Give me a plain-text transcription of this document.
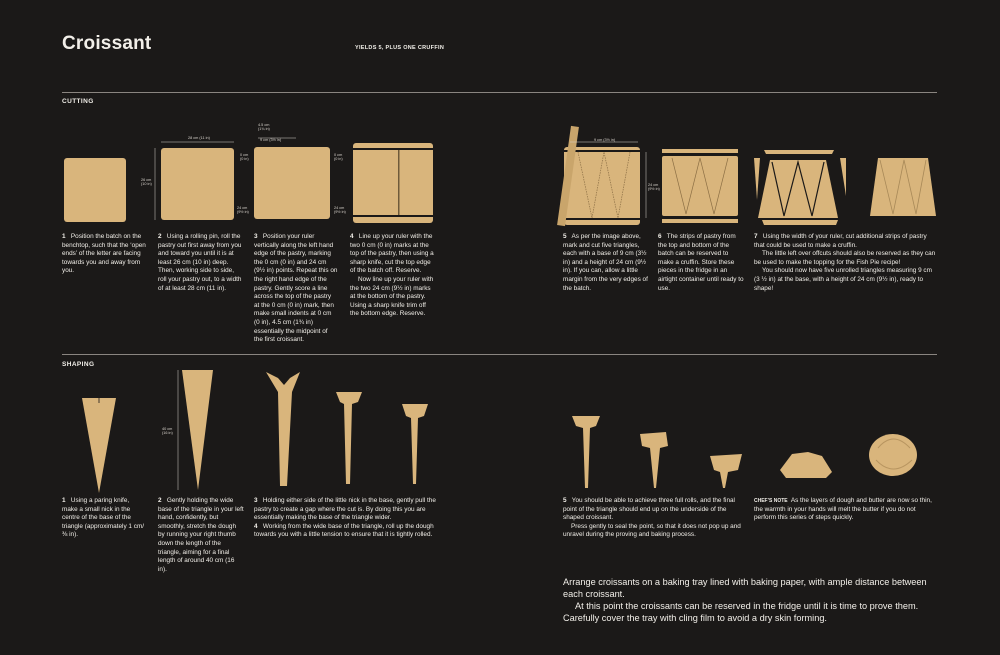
Croissant	YIELDS 5, PLUS ONE CRUFFIN
CUTTING
28 cm (11 in)
26 cm (10 in)
4.5 cm (1¾ in)
9 cm (3½ in)
0 cm (0 in)
0 cm (0 in)
24 cm (9½ in)
24 cm (9½ in)
9 cm (3½ in)
24 cm (9½ in)

1 Position the batch on the benchtop, such that the ‘open ends’ of the letter are facing towards you and away from you.

2 Using a rolling pin, roll the pastry out first away from you and toward you until it is at least 26 cm (10 in) deep. Then, working side to side, roll your pastry out, to a width of at least 28 cm (11 in).

3 Position your ruler vertically along the left hand edge of the pastry, marking the 0 cm (0 in) and 24 cm (9½ in) points. Repeat this on the right hand edge of the pastry. Gently score a line across the top of the pastry at the 0 cm (0 in) mark, then make small indents at 0 cm (0 in), 4.5 cm (1¾ in) essentially the midpoint of the first croissant.

4 Line up your ruler with the two 0 cm (0 in) marks at the top of the pastry, then using a sharp knife, cut the top edge of the batch off. Reserve.

Now line up your ruler with the two 24 cm (9½ in) marks at the bottom of the pastry. Using a sharp knife trim off the bottom edge. Reserve.

5 As per the image above, mark and cut five triangles, each with a base of 9 cm (3½ in) and a height of 24 cm (9½ in). If you can, allow a little margin from the very edges of the batch.

6 The strips of pastry from the top and bottom of the batch can be reserved to make a cruffin. Store these pieces in the fridge in an airtight container until ready to use.

7 Using the width of your ruler, cut additional strips of pastry that could be used to make a cruffin.

The little left over offcuts should also be reserved as they can be used to make the topping for the Fish Pie recipe!

You should now have five unrolled triangles measuring 9 cm (3 ½ in) at the base, with a height of 24 cm (9½ in), ready to shape!

SHAPING
40 cm (16 in)

1 Using a paring knife, make a small nick in the centre of the base of the triangle (approximately 1 cm/ ⅜ in).

2 Gently holding the wide base of the triangle in your left hand, confidently, but smoothly, stretch the dough by running your right thumb down the length of the triangle, aiming for a final length of around 40 cm (16 in).

3 Holding either side of the little nick in the base, gently pull the pastry to create a gap where the cut is. By doing this you are essentially making the base of the triangle wider.

4 Working from the wide base of the triangle, roll up the dough towards you with a little tension to ensure that it is tightly rolled.

5 You should be able to achieve three full rolls, and the final point of the triangle should end up on the underside of the shaped croissant.

Press gently to seal the point, so that it does not pop up and unravel during the proving and baking process.

CHEF’S NOTE As the layers of dough and butter are now so thin, the warmth in your hands will melt the butter if you do not perform this series of steps quickly.

Arrange croissants on a baking tray lined with baking paper, with ample distance between each croissant.

At this point the croissants can be reserved in the fridge until it is time to prove them. Carefully cover the tray with cling film to avoid a dry skin forming.
